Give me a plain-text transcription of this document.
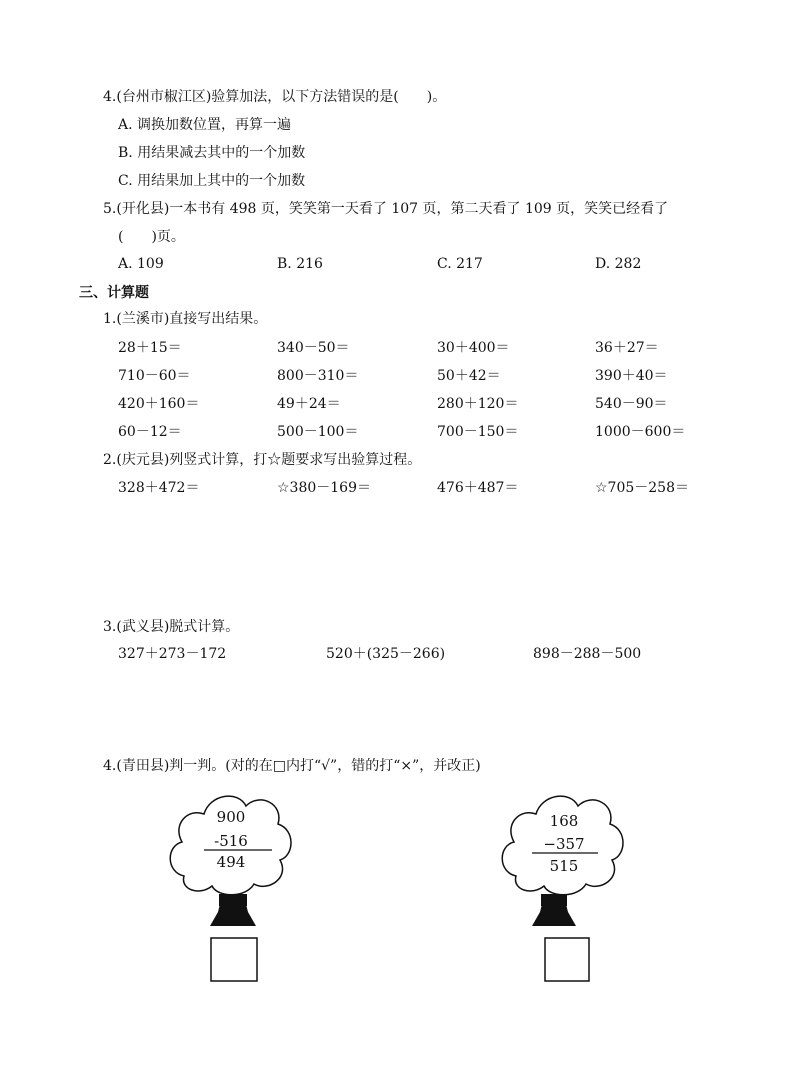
4.(台州市椒江区)验算加法，以下方法错误的是(　　)。
A. 调换加数位置，再算一遍
B. 用结果减去其中的一个加数
C. 用结果加上其中的一个加数
5.(开化县)一本书有 498 页，笑笑第一天看了 107 页，第二天看了 109 页，笑笑已经看了
(　　)页。
A. 109	B. 216	C. 217	D. 282
三、计算题
1.(兰溪市)直接写出结果。
28＋15＝	340－50＝	30＋400＝	36＋27＝
710－60＝	800－310＝	50＋42＝	390＋40＝
420＋160＝	49＋24＝	280＋120＝	540－90＝
60－12＝	500－100＝	700－150＝	1000－600＝
2.(庆元县)列竖式计算，打☆题要求写出验算过程。
328＋472＝	☆380－169＝	476＋487＝	☆705－258＝
3.(武义县)脱式计算。
327＋273－172	520＋(325－266)	898－288－500
4.(青田县)判一判。(对的在□内打“√”，错的打“×”，并改正)
900
-516
494
168
−357
515
